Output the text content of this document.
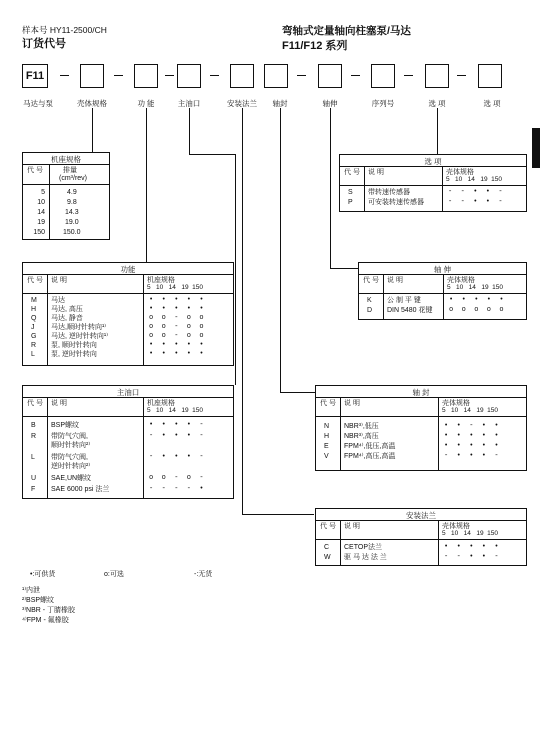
样本号 HY11-2500/CH
订货代号
弯轴式定量轴向柱塞泵/马达
F11/F12 系列
F11
马达与泵	壳体规格	功 能	主油口	安装法兰 轴封	轴伸	序列号	选 项	选 项
机座规格
代 号	排量
(cm³/rev)
5	4.9
10	9.8
14	14.3
19	19.0
150	150.0
功能
代 号 说 明	机座规格
5   10   14   19  150
M 马达	•  •  •  •  •
H 马达, 高压	•  •  •  •  •
Q 马达, 静音	o  o  -  o  o
J 马达,顺时针转向¹⁾	o  o  -  o  o
G 马达, 逆时针转向¹⁾	o  o  -  o  o
R 泵, 顺时针转向	•  •  •  •  •
L 泵, 逆时针转向	•  •  •  •  •
主油口
代 号 说 明	机座规格
5   10   14   19  150
B BSP螺纹	•  •  •  •  -
R 带防气穴阀,
顺时针转向²⁾
-  •  •  •  -
L 带防气穴阀,
逆时针转向²⁾
-  •  •  •  -
U SAE,UN螺纹	o  o  -  o  -
F SAE 6000 psi 法兰	-  -  -  -  •
选 项
代 号 说 明	壳体规格
5   10   14   19  150
S 带转速传感器	-  -  •  •  -
P 可安装转速传感器	-  -  •  •  -
轴 伸
代 号 说 明	壳体规格
5   10   14   19  150
K 公 制 平 键	•  •  •  •  •
D DIN 5480 花键 o  o  o  o  o
轴 封
代 号 说 明	壳体规格
5   10   14   19  150
N NBR³⁾,低压	•  •  -  •  •
H NBR³⁾,高压	•  •  •  •  •
E FPM⁴⁾,低压,高温	•  •  •  •  •
V FPM⁴⁾,高压,高温	-  •  •  •  -
安装法兰
代 号 说 明	壳体规格
5   10   14   19  150
C CETOP法兰	•  •  •  •  •
W 驱 马 达 法 兰	-  -  •  •  -
•:可供货	o:可选	-:无货
¹⁾内泄
²⁾BSP螺纹
³⁾NBR - 丁腈橡胶
⁴⁾FPM - 氟橡胶
